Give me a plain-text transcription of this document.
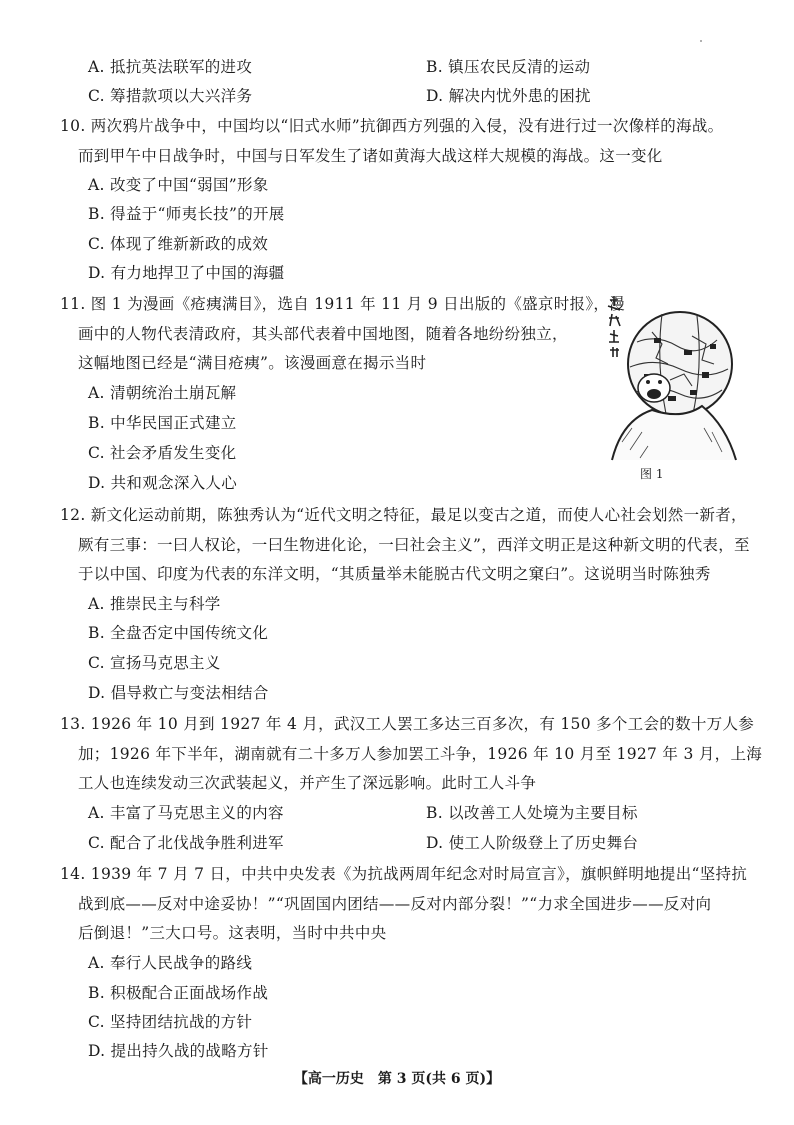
A. 抵抗英法联军的进攻	B. 镇压农民反清的运动
C. 筹措款项以大兴洋务	D. 解决内忧外患的困扰
10. 两次鸦片战争中，中国均以“旧式水师”抗御西方列强的入侵，没有进行过一次像样的海战。
而到甲午中日战争时，中国与日军发生了诸如黄海大战这样大规模的海战。这一变化
A. 改变了中国“弱国”形象
B. 得益于“师夷长技”的开展
C. 体现了维新新政的成效
D. 有力地捍卫了中国的海疆
11. 图 1 为漫画《疮痍满目》，选自 1911 年 11 月 9 日出版的《盛京时报》，漫
画中的人物代表清政府，其头部代表着中国地图，随着各地纷纷独立，
这幅地图已经是“满目疮痍”。该漫画意在揭示当时
A. 清朝统治土崩瓦解
B. 中华民国正式建立
C. 社会矛盾发生变化
D. 共和观念深入人心	图 1
12. 新文化运动前期，陈独秀认为“近代文明之特征，最足以变古之道，而使人心社会划然一新者，
厥有三事：一曰人权论，一曰生物进化论，一曰社会主义”，西洋文明正是这种新文明的代表，至
于以中国、印度为代表的东洋文明，“其质量举未能脱古代文明之窠臼”。这说明当时陈独秀
A. 推崇民主与科学
B. 全盘否定中国传统文化
C. 宣扬马克思主义
D. 倡导救亡与变法相结合
13. 1926 年 10 月到 1927 年 4 月，武汉工人罢工多达三百多次，有 150 多个工会的数十万人参
加；1926 年下半年，湖南就有二十多万人参加罢工斗争，1926 年 10 月至 1927 年 3 月，上海
工人也连续发动三次武装起义，并产生了深远影响。此时工人斗争
A. 丰富了马克思主义的内容	B. 以改善工人处境为主要目标
C. 配合了北伐战争胜利进军	D. 使工人阶级登上了历史舞台
14. 1939 年 7 月 7 日，中共中央发表《为抗战两周年纪念对时局宣言》，旗帜鲜明地提出“坚持抗
战到底——反对中途妥协！”“巩固国内团结——反对内部分裂！”“力求全国进步——反对向
后倒退！”三大口号。这表明，当时中共中央
A. 奉行人民战争的路线
B. 积极配合正面战场作战
C. 坚持团结抗战的方针
D. 提出持久战的战略方针
【高一历史　第 3 页(共 6 页)】
